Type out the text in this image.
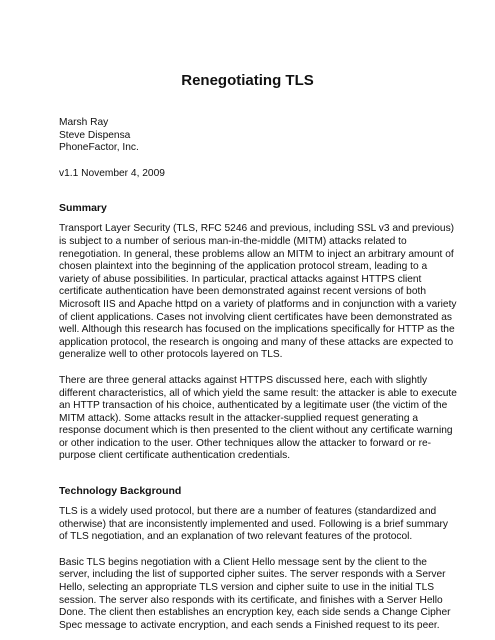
Renegotiating TLS

Marsh Ray

Steve Dispensa

PhoneFactor, Inc.

v1.1 November 4, 2009

Summary

Transport Layer Security (TLS, RFC 5246 and previous, including SSL v3 and previous) is subject to a number of serious man-in-the-middle (MITM) attacks related to renegotiation. In general, these problems allow an MITM to inject an arbitrary amount of chosen plaintext into the beginning of the application protocol stream, leading to a variety of abuse possibilities. In particular, practical attacks against HTTPS client certificate authentication have been demonstrated against recent versions of both Microsoft IIS and Apache httpd on a variety of platforms and in conjunction with a variety of client applications. Cases not involving client certificates have been demonstrated as well. Although this research has focused on the implications specifically for HTTP as the application protocol, the research is ongoing and many of these attacks are expected to generalize well to other protocols layered on TLS.

There are three general attacks against HTTPS discussed here, each with slightly different characteristics, all of which yield the same result: the attacker is able to execute an HTTP transaction of his choice, authenticated by a legitimate user (the victim of the MITM attack). Some attacks result in the attacker-supplied request generating a response document which is then presented to the client without any certificate warning or other indication to the user. Other techniques allow the attacker to forward or re-purpose client certificate authentication credentials.

Technology Background

TLS is a widely used protocol, but there are a number of features (standardized and otherwise) that are inconsistently implemented and used. Following is a brief summary of TLS negotiation, and an explanation of two relevant features of the protocol.

Basic TLS begins negotiation with a Client Hello message sent by the client to the server, including the list of supported cipher suites. The server responds with a Server Hello, selecting an appropriate TLS version and cipher suite to use in the initial TLS session. The server also responds with its certificate, and finishes with a Server Hello Done. The client then establishes an encryption key, each side sends a Change Cipher Spec message to activate encryption, and each sends a Finished request to its peer.
